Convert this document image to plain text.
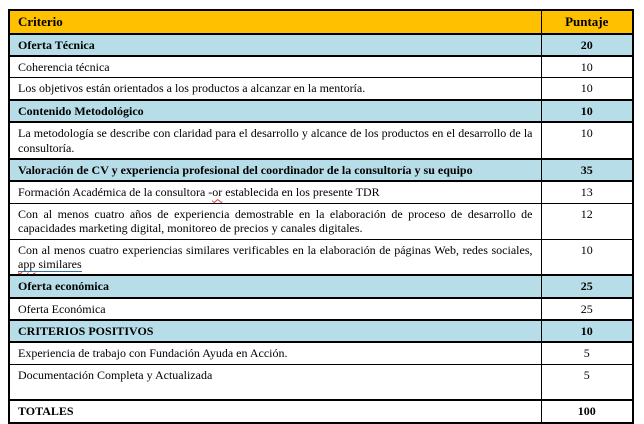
Criterio	Puntaje
Oferta Técnica	20
Coherencia técnica	10
Los objetivos están orientados a los productos a alcanzar en la mentoría.	10
Contenido Metodológico	10
La metodología se describe con claridad para el desarrollo y alcance de los productos en el desarrollo de la consultoría.	10
Valoración de CV y experiencia profesional del coordinador de la consultoría y su equipo	35
Formación Académica de la consultora -or establecida en los presente TDR	13
Con al menos cuatro años de experiencia demostrable en la elaboración de proceso de desarrollo de capacidades marketing digital, monitoreo de precios y canales digitales.	12
Con al menos cuatro experiencias similares verificables en la elaboración de páginas Web, redes sociales, app similares	10
Oferta económica	25
Oferta Económica	25
CRITERIOS POSITIVOS	10
Experiencia de trabajo con Fundación Ayuda en Acción.	5
Documentación Completa y Actualizada	5
TOTALES	100
